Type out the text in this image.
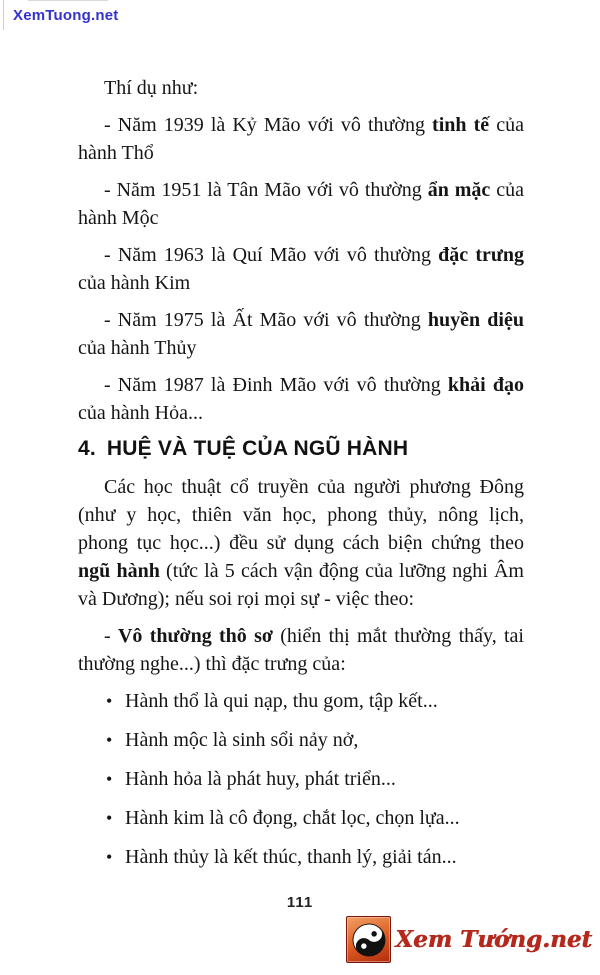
XemTuong.net

Thí dụ như:

- Năm 1939 là Kỷ Mão với vô thường tinh tế của hành Thổ

- Năm 1951 là Tân Mão với vô thường ẩn mặc của hành Mộc

- Năm 1963 là Quí Mão với vô thường đặc trưng của hành Kim

- Năm 1975 là Ất Mão với vô thường huyền diệu của hành Thủy

- Năm 1987 là Đinh Mão với vô thường khải đạo của hành Hỏa...

4. HUỆ VÀ TUỆ CỦA NGŨ HÀNH

Các học thuật cổ truyền của người phương Đông (như y học, thiên văn học, phong thủy, nông lịch, phong tục học...) đều sử dụng cách biện chứng theo ngũ hành (tức là 5 cách vận động của lưỡng nghi Âm và Dương); nếu soi rọi mọi sự - việc theo:

- Vô thường thô sơ (hiển thị mắt thường thấy, tai thường nghe...) thì đặc trưng của:

• Hành thổ là qui nạp, thu gom, tập kết...
• Hành mộc là sinh sổi nảy nở,
• Hành hỏa là phát huy, phát triển...
• Hành kim là cô đọng, chắt lọc, chọn lựa...
• Hành thủy là kết thúc, thanh lý, giải tán...
111
Xem Tướng.net
